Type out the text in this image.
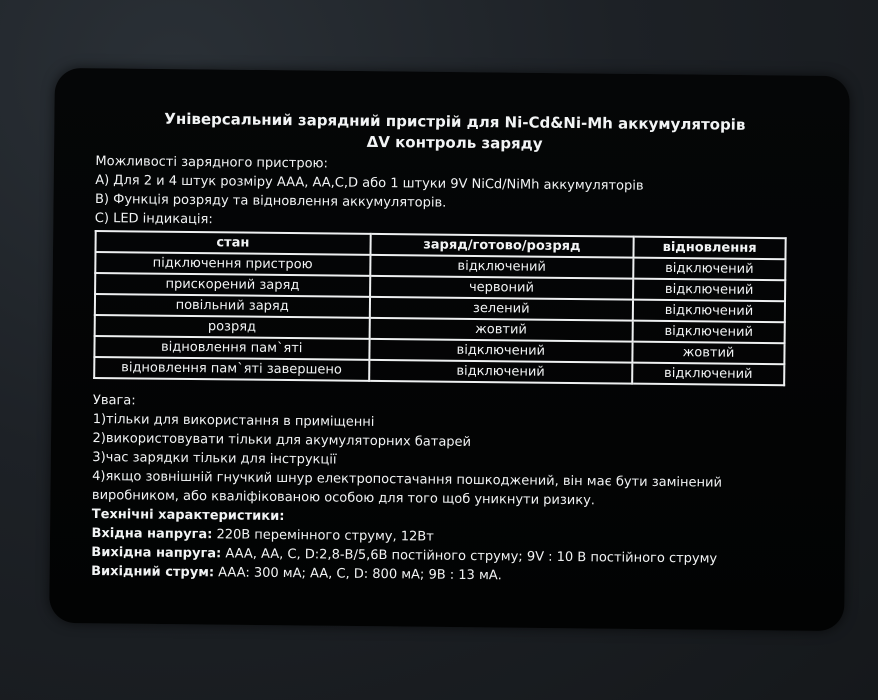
Універсальний зарядний пристрій для Ni-Cd&Ni-Mh аккумуляторів
ΔV контроль заряду
Можливості зарядного пристрою:
A) Для 2 и 4 штук розміру AAA, AA,C,D або 1 штуки 9V NiCd/NiMh аккумуляторів
B) Функція розряду та відновлення аккумуляторів.
C) LED індикація:
стан	заряд/готово/розряд	відновлення
підключення пристрою	відключений	відключений
прискорений заряд	червоний	відключений
повільний заряд	зелений	відключений
розряд	жовтий	відключений
відновлення пам`яті	відключений	жовтий
відновлення пам`яті завершено	відключений	відключений
Увага:
1)тільки для використання в приміщенні
2)використовувати тільки для акумуляторних батарей
3)час зарядки тільки для інструкції
4)якщо зовнішній гнучкий шнур електропостачання пошкоджений, він має бути замінений
виробником, або кваліфікованою особою для того щоб уникнути ризику.
Технічні характеристики:
Вхідна напруга: 220В перемінного струму, 12Вт
Вихідна напруга: AAA, AA, C, D:2,8-В/5,6В постійного струму; 9V : 10 В постійного струму
Вихідний струм: AAA: 300 мА; AA, C, D: 800 мА; 9В : 13 мА.
